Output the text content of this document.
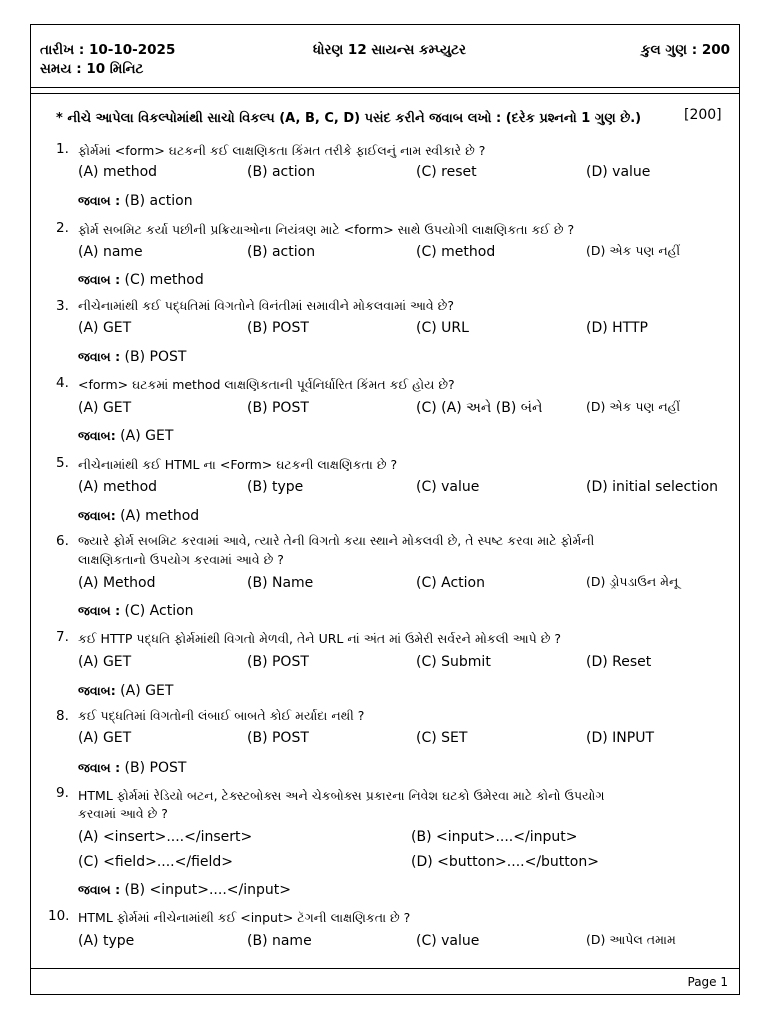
તારીખ : 10-10-2025	ધોરણ 12 સાયન્સ કમ્પ્યુટર	કુલ ગુણ : 200
સમય : 10 મિનિટ
* નીચે આપેલા વિકલ્પોમાંથી સાચો વિકલ્પ (A, B, C, D) પસંદ કરીને જવાબ લખો : (દરેક પ્રશ્નનો 1 ગુણ છે.)	[200]
1. ફોર્મમાં <form> ઘટકની કઈ લાક્ષણિકતા કિંમત તરીકે ફાઈલનું નામ સ્વીકારે છે ?
(A) method	(B) action	(C) reset	(D) value
જવાબ : (B) action
2. ફોર્મ સબમિટ કર્યા પછીની પ્રક્રિયાઓના નિયંત્રણ માટે <form> સાથે ઉપયોગી લાક્ષણિકતા કઈ છે ?
(A) name	(B) action	(C) method	(D) એક પણ નહીં
જવાબ : (C) method
3. નીચેનામાંથી કઈ પદ્ધતિમાં વિગતોને વિનંતીમાં સમાવીને મોકલવામાં આવે છે?
(A) GET	(B) POST	(C) URL	(D) HTTP
જવાબ : (B) POST
4. <form> ઘટકમાં method લાક્ષણિકતાની પૂર્વનિર્ધારિત કિંમત કઈ હોય છે?
(A) GET	(B) POST	(C) (A) અને (B) બંને	(D) એક પણ નહીં
જવાબ: (A) GET
5. નીચેનામાંથી કઈ HTML ના <Form> ઘટકની લાક્ષણિકતા છે ?
(A) method	(B) type	(C) value	(D) initial selection
જવાબ: (A) method
6. જ્યારે ફોર્મ સબમિટ કરવામાં આવે, ત્યારે તેની વિગતો કયા સ્થાને મોકલવી છે, તે સ્પષ્ટ કરવા માટે ફોર્મની
લાક્ષણિકતાનો ઉપયોગ કરવામાં આવે છે ?
(A) Method	(B) Name	(C) Action	(D) ડ્રોપડાઉન મેનૂ
જવાબ : (C) Action
7. કઈ HTTP પદ્ધતિ ફોર્મમાંથી વિગતો મેળવી, તેને URL નાં અંત માં ઉમેરી સર્વરને મોકલી આપે છે ?
(A) GET	(B) POST	(C) Submit	(D) Reset
જવાબ: (A) GET
8. કઈ પદ્ધતિમાં વિગતોની લંબાઈ બાબતે કોઈ મર્યાદા નથી ?
(A) GET	(B) POST	(C) SET	(D) INPUT
જવાબ : (B) POST
9. HTML ફોર્મમાં રેડિયો બટન, ટેક્સ્ટબોક્સ અને ચેકબોક્સ પ્રકારના નિવેશ ઘટકો ઉમેરવા માટે કોનો ઉપયોગ
કરવામાં આવે છે ?
(A) <insert>....</insert>	(B) <input>....</input>
(C) <field>....</field>	(D) <button>....</button>
જવાબ : (B) <input>....</input>
10. HTML ફોર્મમાં નીચેનામાંથી કઈ <input> ટૅગની લાક્ષણિકતા છે ?
(A) type	(B) name	(C) value	(D) આપેલ તમામ
Page 1
